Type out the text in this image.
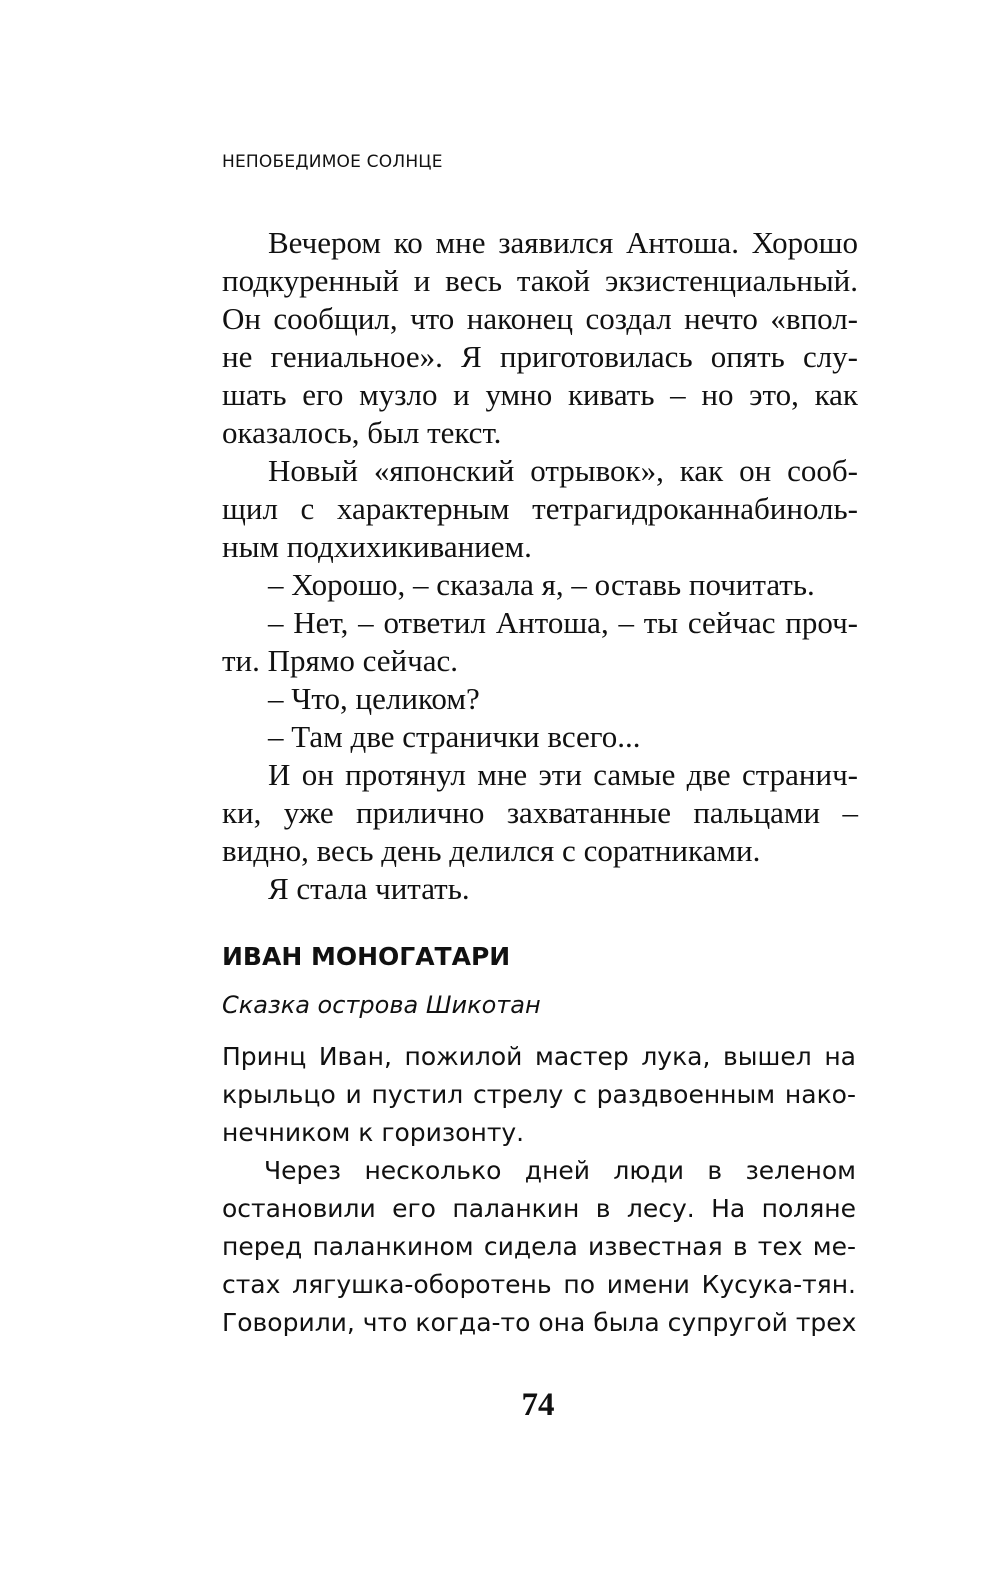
НЕПОБЕДИМОЕ СОЛНЦЕ

Вечером ко мне заявился Антоша. Хорошо
подкуренный и весь такой экзистенциальный.
Он сообщил, что наконец создал нечто «впол-
не гениальное». Я приготовилась опять слу-
шать его музло и умно кивать – но это, как
оказалось, был текст.

Новый «японский отрывок», как он сооб-
щил с характерным тетрагидроканнабиноль-
ным подхихикиванием.

– Хорошо, – сказала я, – оставь почитать.

– Нет, – ответил Антоша, – ты сейчас проч-
ти. Прямо сейчас.

– Что, целиком?

– Там две странички всего...

И он протянул мне эти самые две странич-
ки, уже прилично захватанные пальцами –
видно, весь день делился с соратниками.

Я стала читать.

ИВАН МОНОГАТАРИ
Сказка острова Шикотан

Принц Иван, пожилой мастер лука, вышел на
крыльцо и пустил стрелу с раздвоенным нако-
нечником к горизонту.

Через несколько дней люди в зеленом
остановили его паланкин в лесу. На поляне
перед паланкином сидела известная в тех ме-
стах лягушка-оборотень по имени Кусука-тян.
Говорили, что когда-то она была супругой трех

74
